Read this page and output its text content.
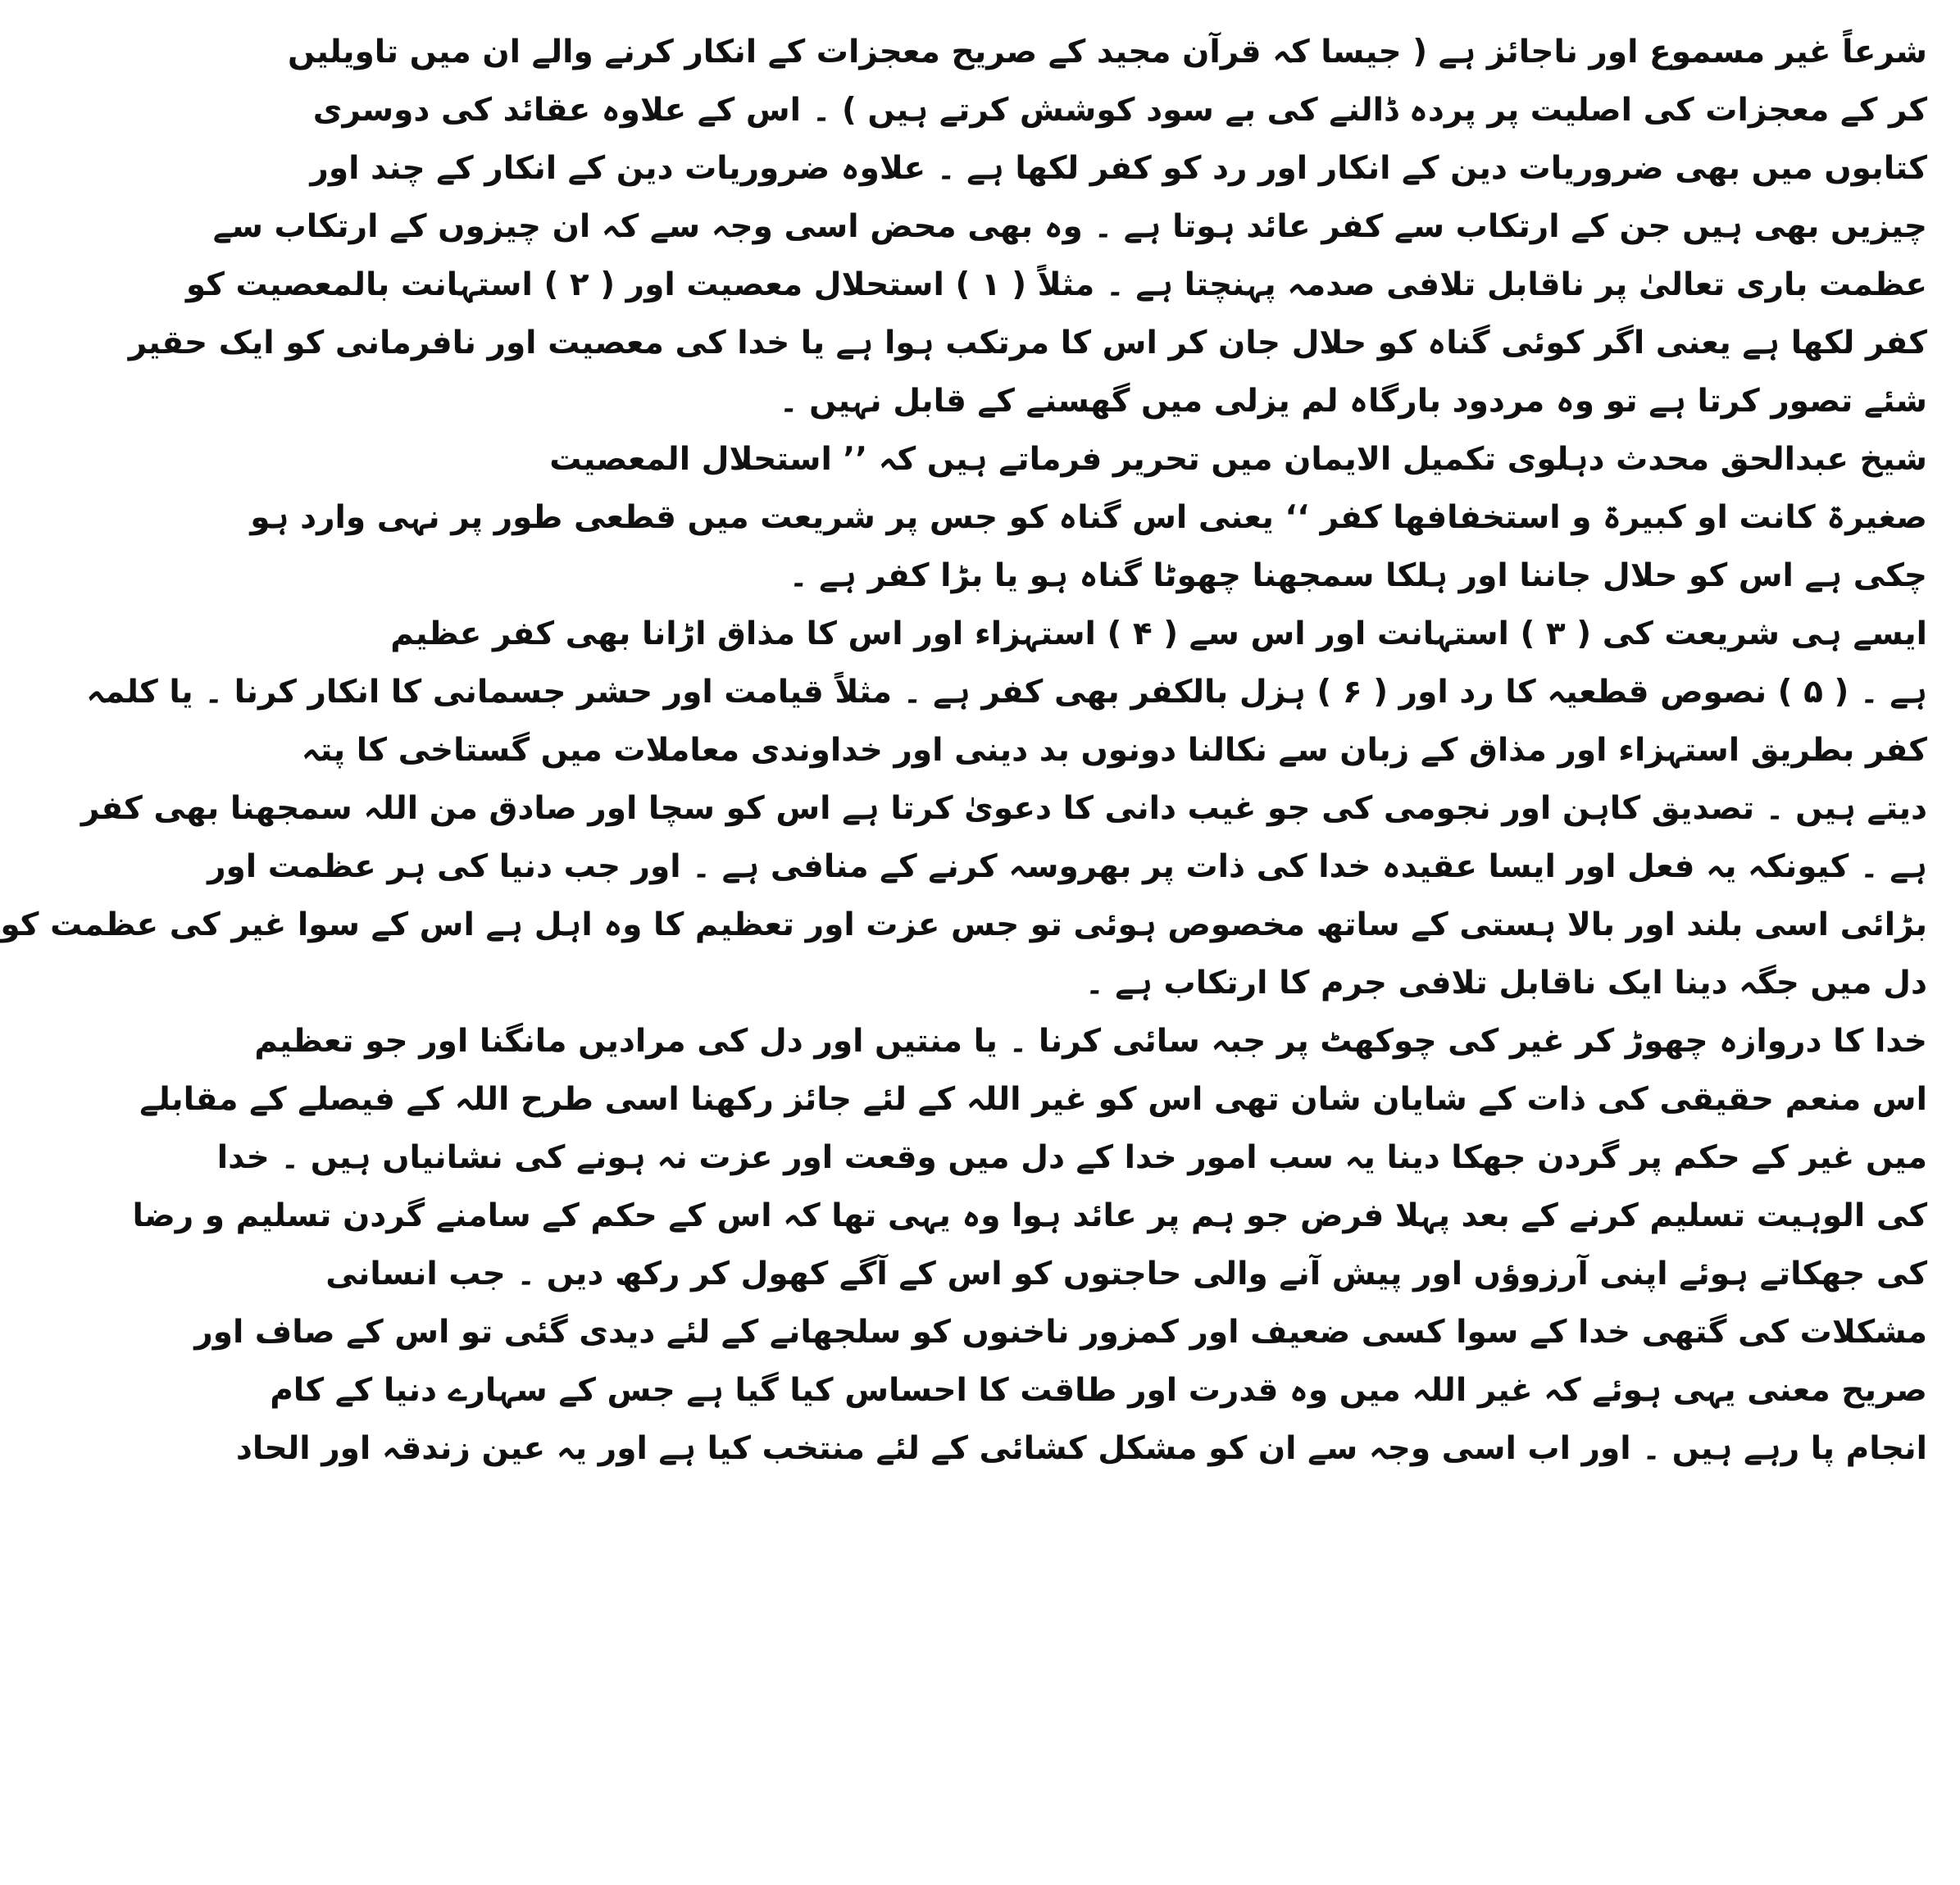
شرعاً غیر مسموع اور ناجائز ہے ( جیسا کہ قرآن مجید کے صریح معجزات کے انکار کرنے والے ان میں تاویلیں
کر کے معجزات کی اصلیت پر پردہ ڈالنے کی بے سود کوشش کرتے ہیں ) ۔ اس کے علاوہ عقائد کی دوسری
کتابوں میں بھی ضروریات دین کے انکار اور رد کو کفر لکھا ہے ۔ علاوہ ضروریات دین کے انکار کے چند اور
چیزیں بھی ہیں جن کے ارتکاب سے کفر عائد ہوتا ہے ۔ وہ بھی محض اسی وجہ سے کہ ان چیزوں کے ارتکاب سے
عظمت باری تعالیٰ پر ناقابل تلافی صدمہ پہنچتا ہے ۔ مثلاً ( ۱ ) استحلال معصیت اور ( ۲ ) استہانت بالمعصیت کو
کفر لکھا ہے یعنی اگر کوئی گناہ کو حلال جان کر اس کا مرتکب ہوا ہے یا خدا کی معصیت اور نافرمانی کو ایک حقیر
شئے تصور کرتا ہے تو وہ مردود بارگاہ لم یزلی میں گھسنے کے قابل نہیں ۔
شیخ عبدالحق محدث دہلوی تکمیل الایمان میں تحریر فرماتے ہیں کہ ’’ استحلال المعصیت
صغیرۃ کانت او کبیرۃ و استخفافھا کفر ‘‘ یعنی اس گناہ کو جس پر شریعت میں قطعی طور پر نہی وارد ہو
چکی ہے اس کو حلال جاننا اور ہلکا سمجھنا چھوٹا گناہ ہو یا بڑا کفر ہے ۔
ایسے ہی شریعت کی ( ۳ ) استہانت اور اس سے ( ۴ ) استہزاء اور اس کا مذاق اڑانا بھی کفر عظیم
ہے ۔ ( ۵ ) نصوص قطعیہ کا رد اور ( ۶ ) ہزل بالکفر بھی کفر ہے ۔ مثلاً قیامت اور حشر جسمانی کا انکار کرنا ۔ یا کلمہ
کفر بطریق استہزاء اور مذاق کے زبان سے نکالنا دونوں بد دینی اور خداوندی معاملات میں گستاخی کا پتہ
دیتے ہیں ۔ تصدیق کاہن اور نجومی کی جو غیب دانی کا دعویٰ کرتا ہے اس کو سچا اور صادق من اللہ سمجھنا بھی کفر
ہے ۔ کیونکہ یہ فعل اور ایسا عقیدہ خدا کی ذات پر بھروسہ کرنے کے منافی ہے ۔ اور جب دنیا کی ہر عظمت اور
بڑائی اسی بلند اور بالا ہستی کے ساتھ مخصوص ہوئی تو جس عزت اور تعظیم کا وہ اہل ہے اس کے سوا غیر کی عظمت کو
دل میں جگہ دینا ایک ناقابل تلافی جرم کا ارتکاب ہے ۔
خدا کا دروازہ چھوڑ کر غیر کی چوکھٹ پر جبہ سائی کرنا ۔ یا منتیں اور دل کی مرادیں مانگنا اور جو تعظیم
اس منعم حقیقی کی ذات کے شایان شان تھی اس کو غیر اللہ کے لئے جائز رکھنا اسی طرح اللہ کے فیصلے کے مقابلے
میں غیر کے حکم پر گردن جھکا دینا یہ سب امور خدا کے دل میں وقعت اور عزت نہ ہونے کی نشانیاں ہیں ۔ خدا
کی الوہیت تسلیم کرنے کے بعد پہلا فرض جو ہم پر عائد ہوا وہ یہی تھا کہ اس کے حکم کے سامنے گردن تسلیم و رضا
کی جھکاتے ہوئے اپنی آرزوؤں اور پیش آنے والی حاجتوں کو اس کے آگے کھول کر رکھ دیں ۔ جب انسانی
مشکلات کی گتھی خدا کے سوا کسی ضعیف اور کمزور ناخنوں کو سلجھانے کے لئے دیدی گئی تو اس کے صاف اور
صریح معنی یہی ہوئے کہ غیر اللہ میں وہ قدرت اور طاقت کا احساس کیا گیا ہے جس کے سہارے دنیا کے کام
انجام پا رہے ہیں ۔ اور اب اسی وجہ سے ان کو مشکل کشائی کے لئے منتخب کیا ہے اور یہ عین زندقہ اور الحاد
